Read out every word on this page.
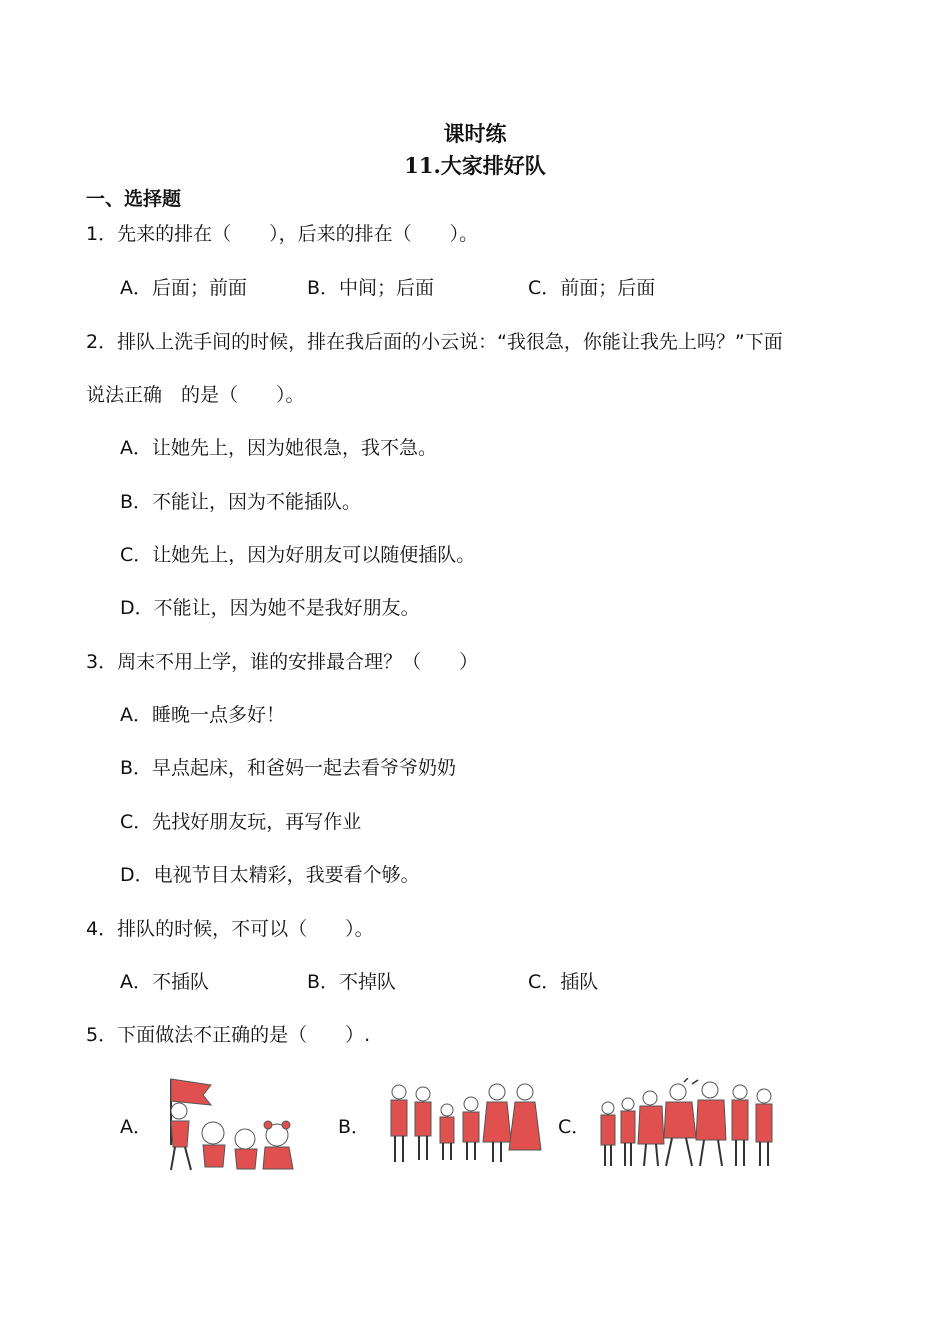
课时练
11.大家排好队
一、选择题
1．先来的排在（　　），后来的排在（　　）。
A．后面；前面	B．中间；后面	C．前面；后面
2．排队上洗手间的时候，排在我后面的小云说：“我很急，你能让我先上吗？”下面
说法正确　的是（　　）。
A．让她先上，因为她很急，我不急。
B．不能让，因为不能插队。
C．让她先上，因为好朋友可以随便插队。
D．不能让，因为她不是我好朋友。
3．周末不用上学，谁的安排最合理？（　　）
A．睡晚一点多好！
B．早点起床，和爸妈一起去看爷爷奶奶
C．先找好朋友玩，再写作业
D．电视节目太精彩，我要看个够。
4．排队的时候，不可以（　　）。
A．不插队	B．不掉队	C．插队
5．下面做法不正确的是（　　）.
A．	B．	C．
